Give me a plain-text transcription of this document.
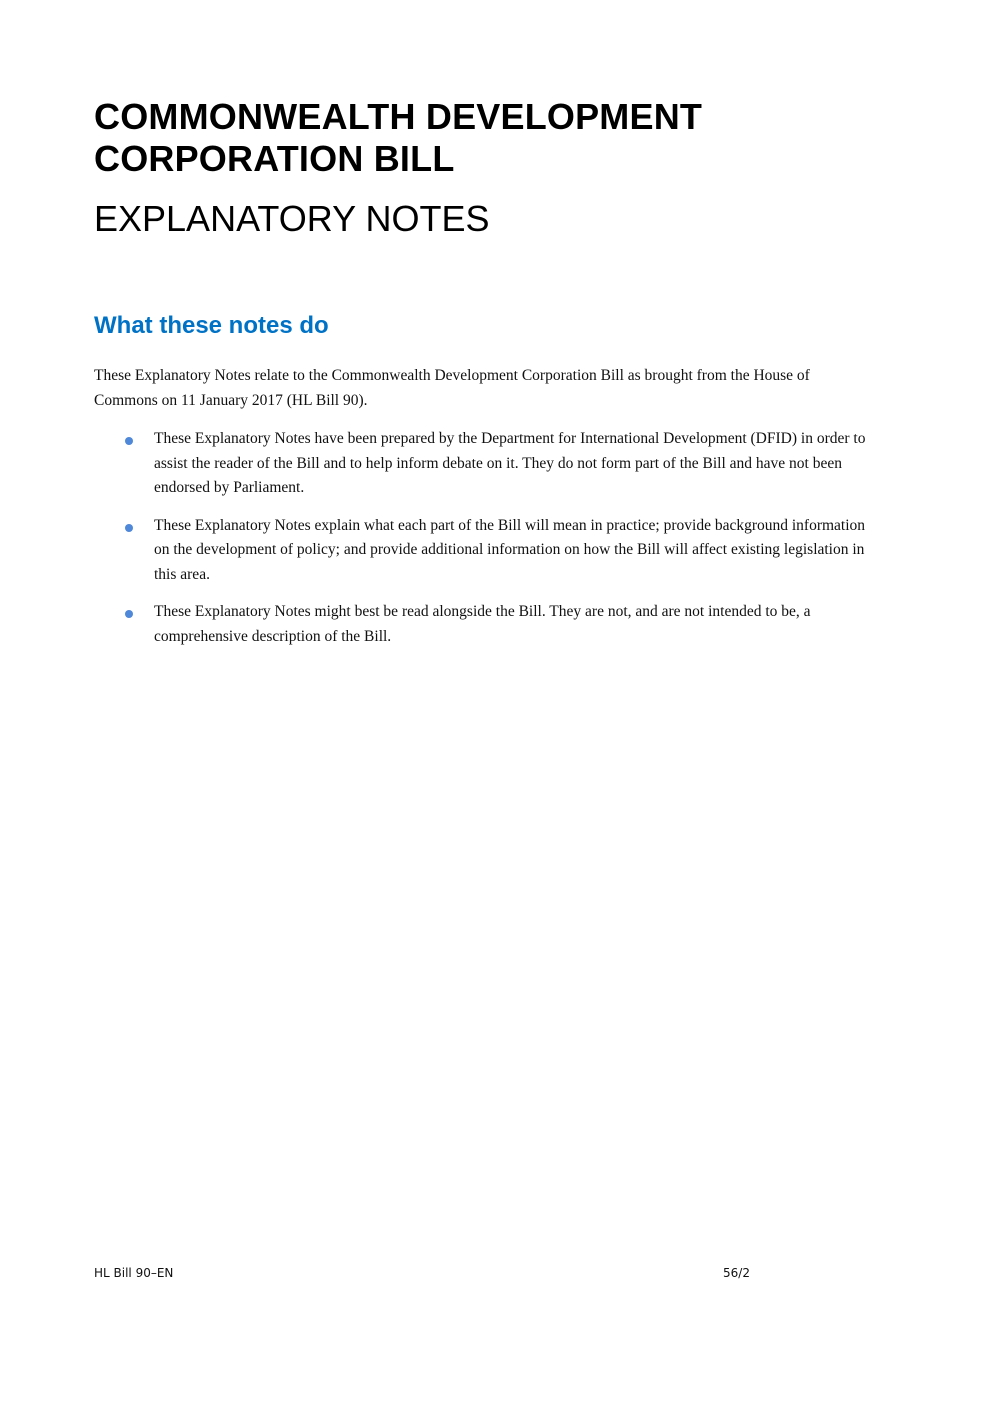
COMMONWEALTH DEVELOPMENT
CORPORATION BILL
EXPLANATORY NOTES
What these notes do

These Explanatory Notes relate to the Commonwealth Development Corporation Bill as brought from the House of Commons on 11 January 2017 (HL Bill 90).

These Explanatory Notes have been prepared by the Department for International Development (DFID) in order to assist the reader of the Bill and to help inform debate on it. They do not form part of the Bill and have not been endorsed by Parliament.
These Explanatory Notes explain what each part of the Bill will mean in practice; provide background information on the development of policy; and provide additional information on how the Bill will affect existing legislation in this area.
These Explanatory Notes might best be read alongside the Bill. They are not, and are not intended to be, a comprehensive description of the Bill.
HL Bill 90–EN	56/2
